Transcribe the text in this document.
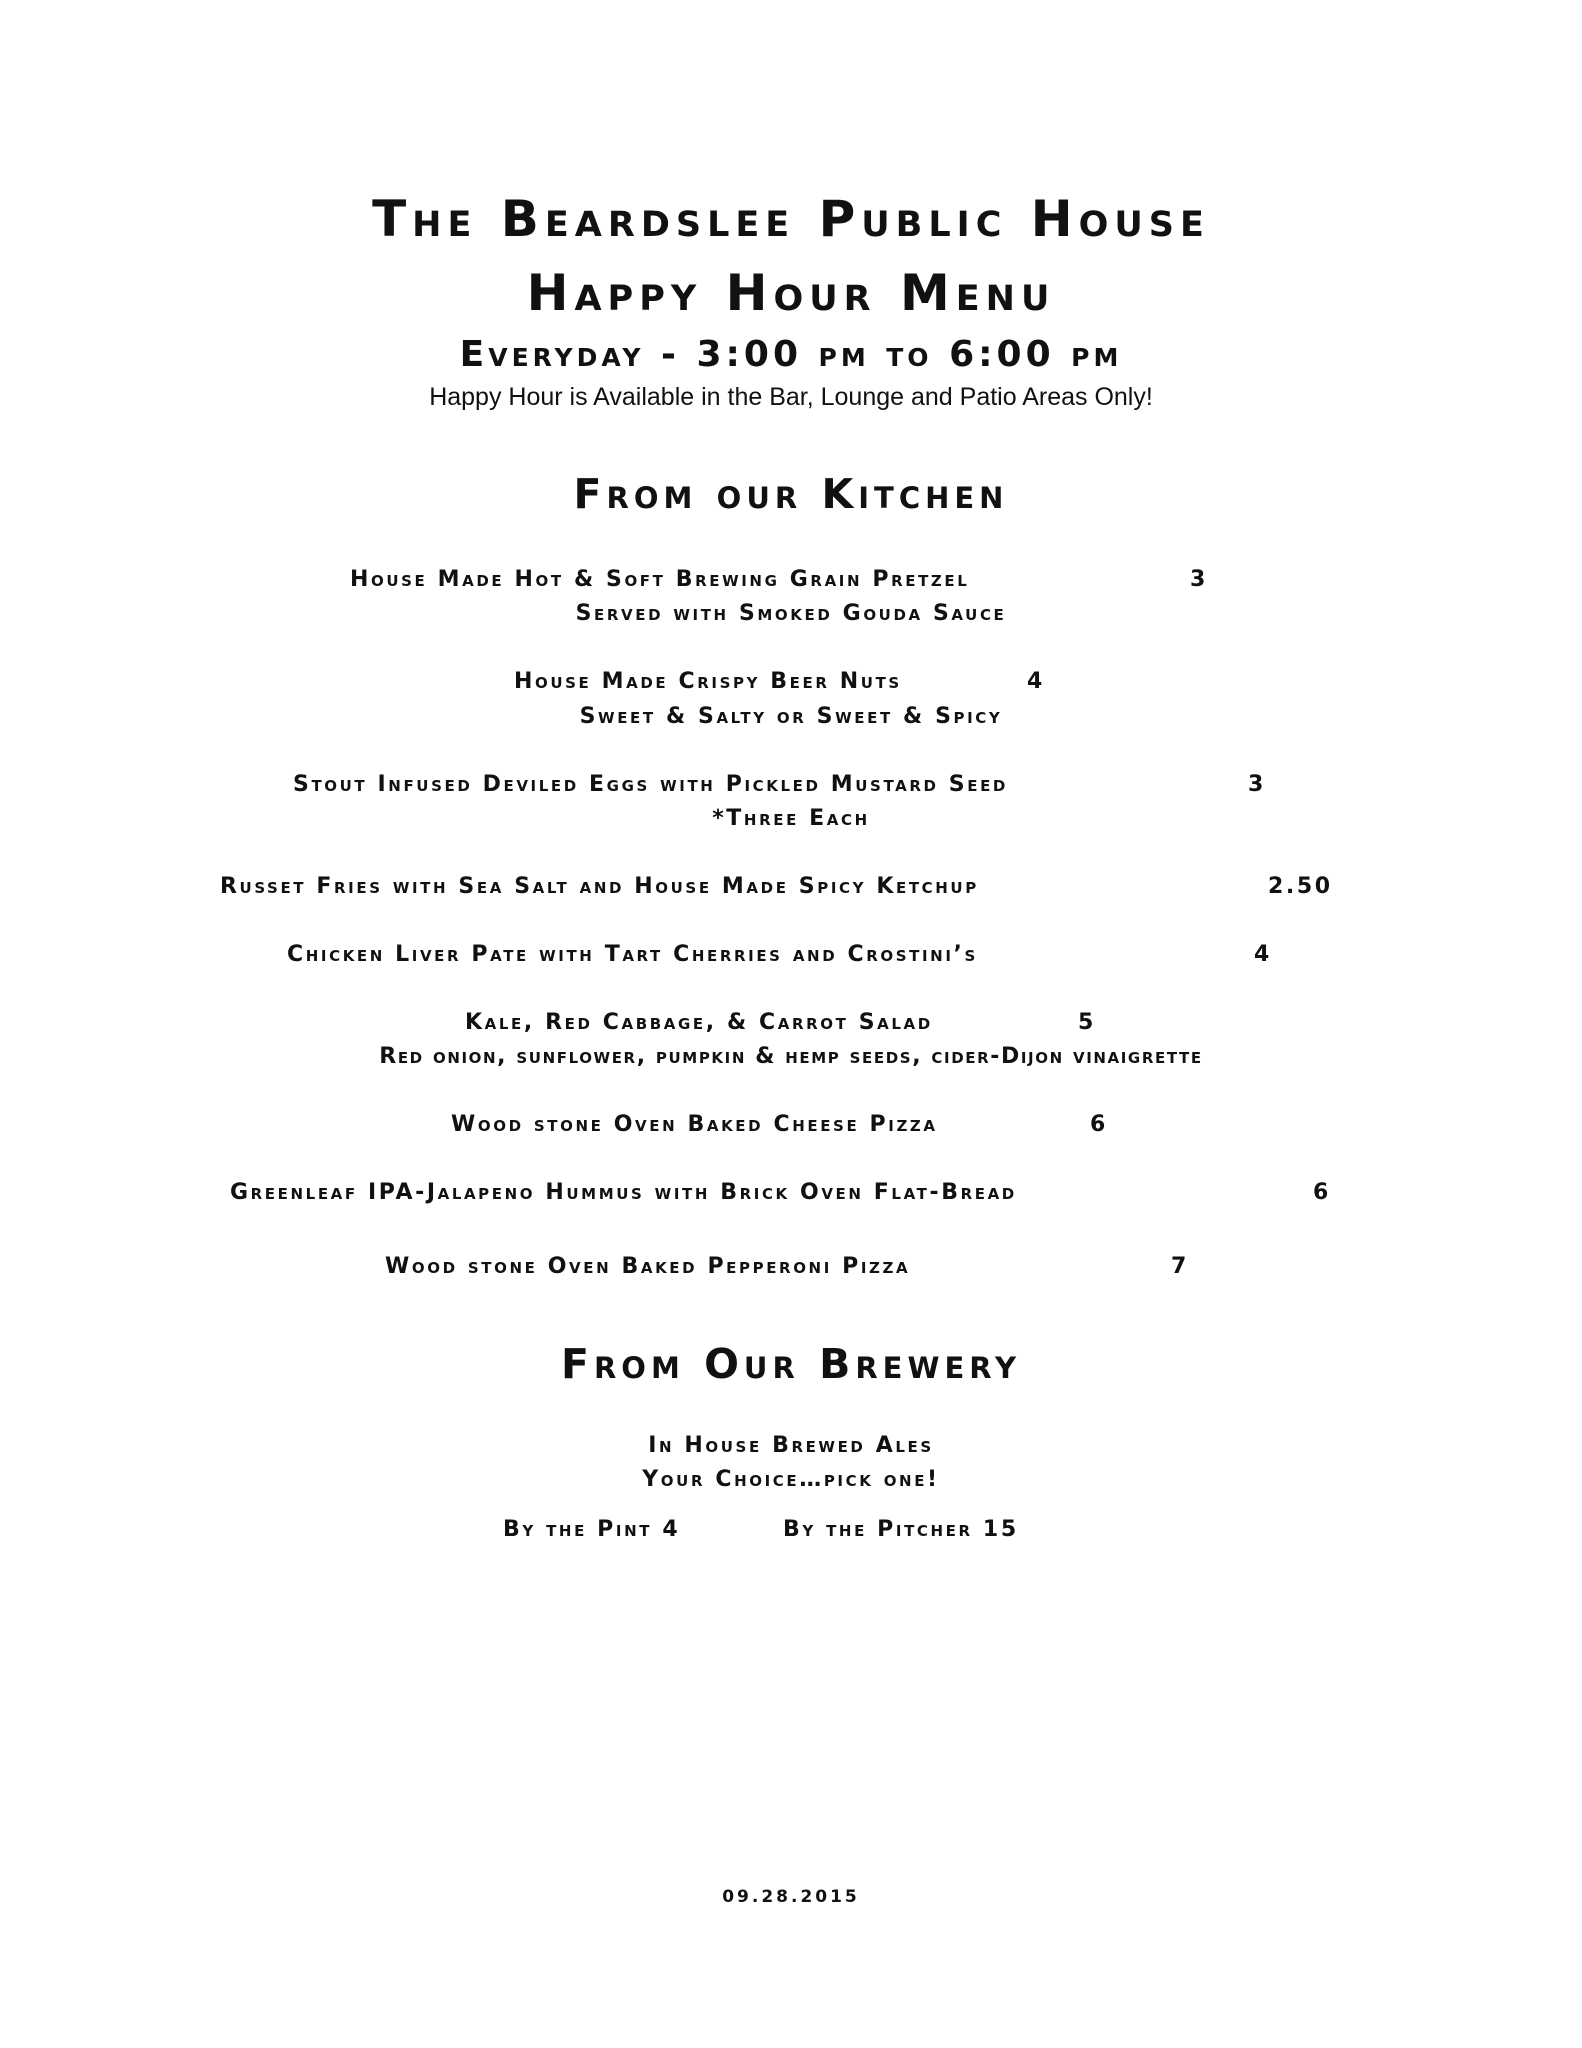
The Beardslee Public House
Happy Hour Menu
Everyday - 3:00 pm to 6:00 pm
Happy Hour is Available in the Bar, Lounge and Patio Areas Only!
From our Kitchen
House Made Hot & Soft Brewing Grain Pretzel	3
Served with Smoked Gouda Sauce
House Made Crispy Beer Nuts	4
Sweet & Salty or Sweet & Spicy
Stout Infused Deviled Eggs with Pickled Mustard Seed	3
*Three Each
Russet Fries with Sea Salt and House Made Spicy Ketchup	2.50
Chicken Liver Pate with Tart Cherries and Crostini’s	4
Kale, Red Cabbage, & Carrot Salad	5
Red onion, sunflower, pumpkin & hemp seeds, cider-Dijon vinaigrette
Wood stone Oven Baked Cheese Pizza	6
Greenleaf IPA-Jalapeno Hummus with Brick Oven Flat-Bread	6
Wood stone Oven Baked Pepperoni Pizza	7
From Our Brewery
In House Brewed Ales
Your Choice…pick one!
By the Pint 4	By the Pitcher 15
09.28.2015
